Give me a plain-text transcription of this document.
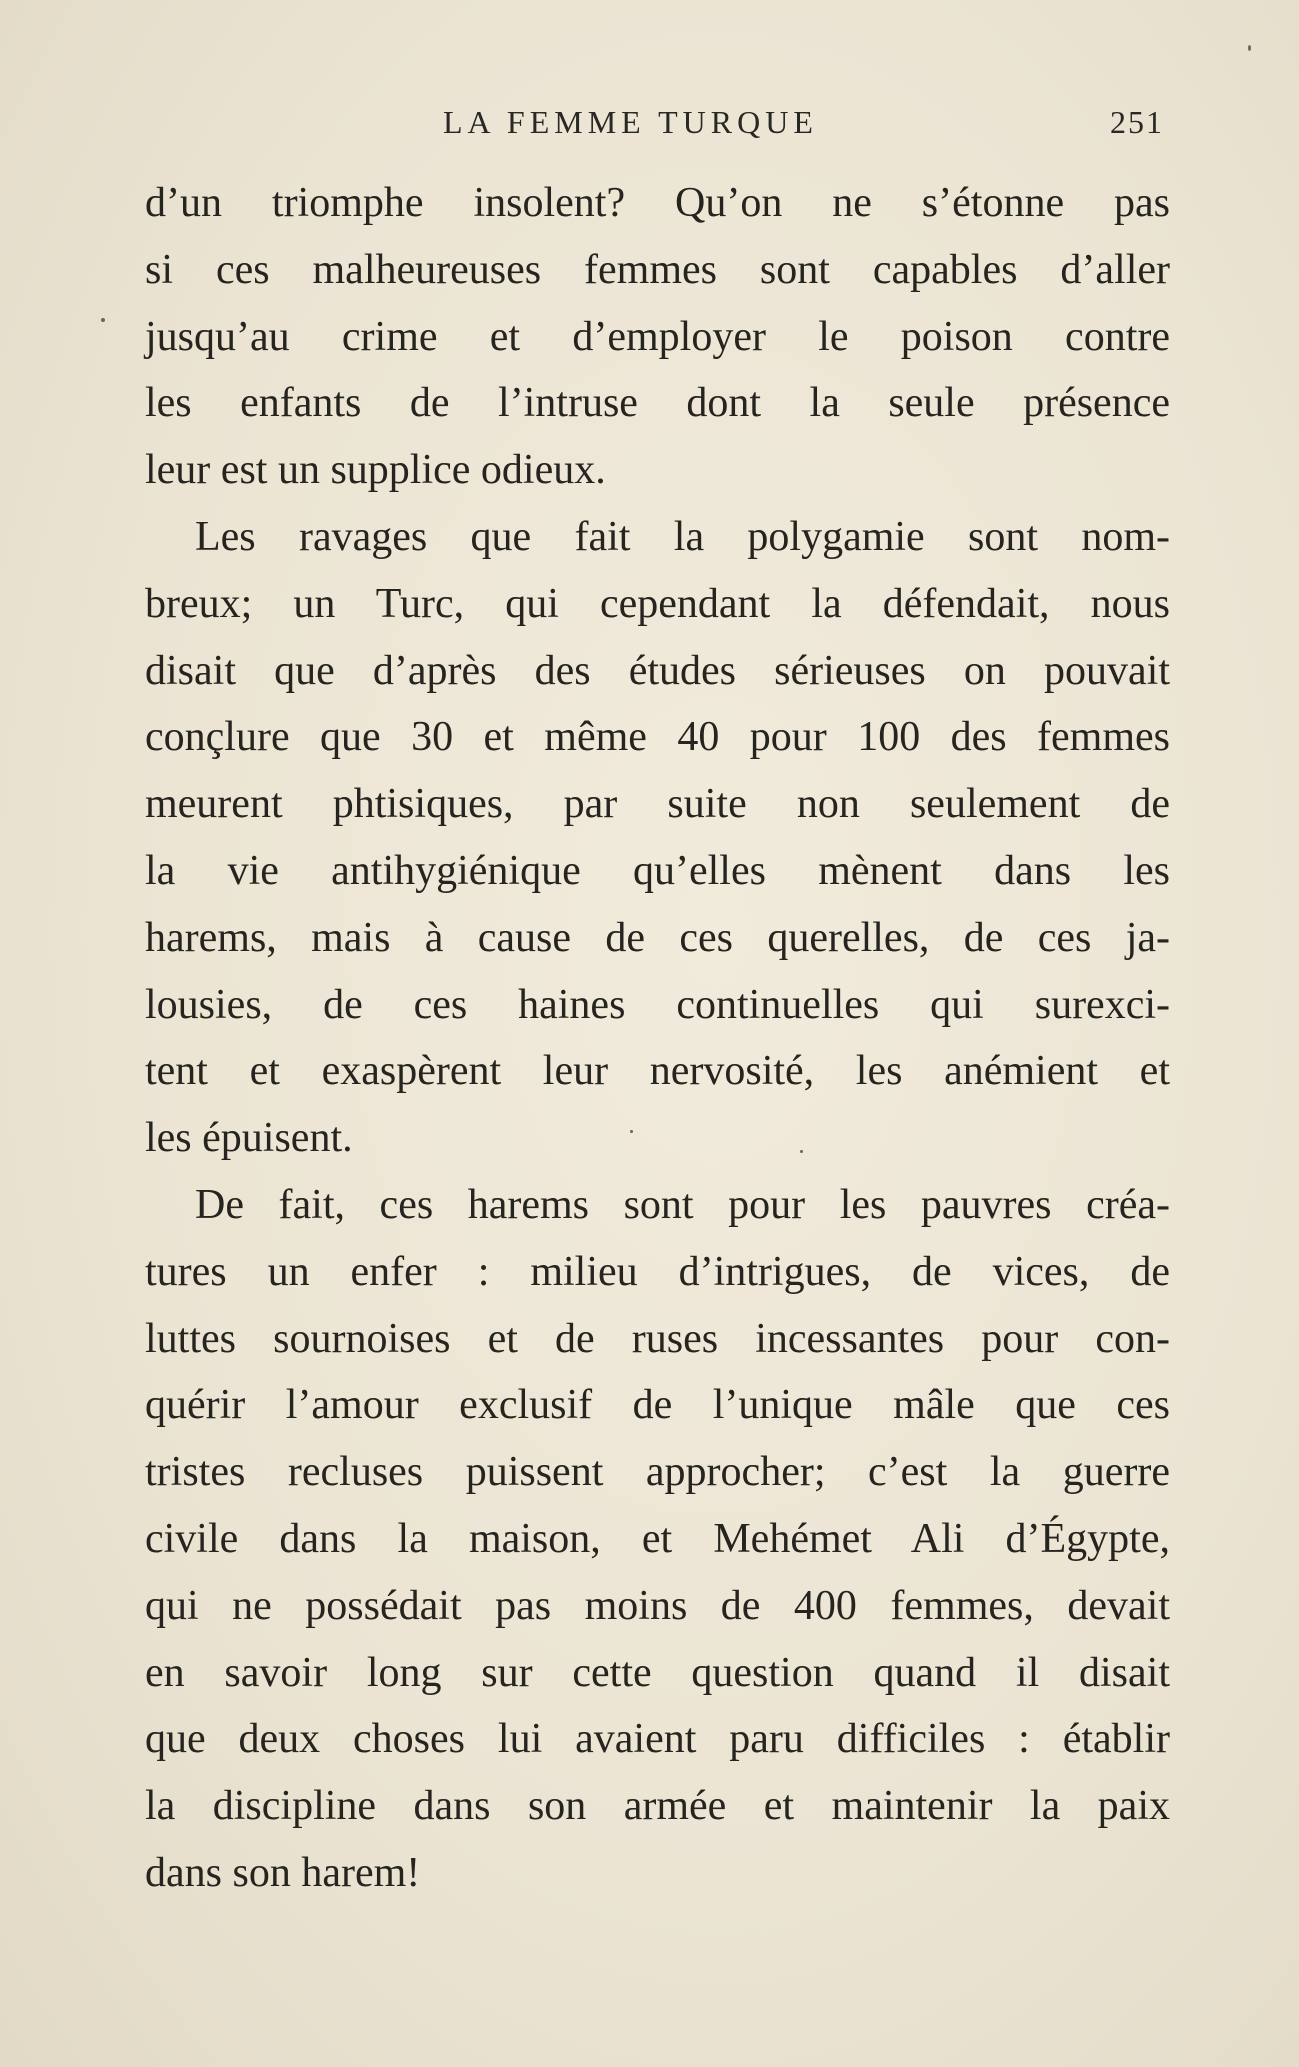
LA FEMME TURQUE	251
d’un triomphe insolent? Qu’on ne s’étonne pas
si ces malheureuses femmes sont capables d’aller
jusqu’au crime et d’employer le poison contre
les enfants de l’intruse dont la seule présence
leur est un supplice odieux.
Les ravages que fait la polygamie sont nom-
breux; un Turc, qui cependant la défendait, nous
disait que d’après des études sérieuses on pouvait
conçlure que 30 et même 40 pour 100 des femmes
meurent phtisiques, par suite non seulement de
la vie antihygiénique qu’elles mènent dans les
harems, mais à cause de ces querelles, de ces ja-
lousies, de ces haines continuelles qui surexci-
tent et exaspèrent leur nervosité, les anémient et
les épuisent.
De fait, ces harems sont pour les pauvres créa-
tures un enfer : milieu d’intrigues, de vices, de
luttes sournoises et de ruses incessantes pour con-
quérir l’amour exclusif de l’unique mâle que ces
tristes recluses puissent approcher; c’est la guerre
civile dans la maison, et Mehémet Ali d’Égypte,
qui ne possédait pas moins de 400 femmes, devait
en savoir long sur cette question quand il disait
que deux choses lui avaient paru difficiles : établir
la discipline dans son armée et maintenir la paix
dans son harem!
